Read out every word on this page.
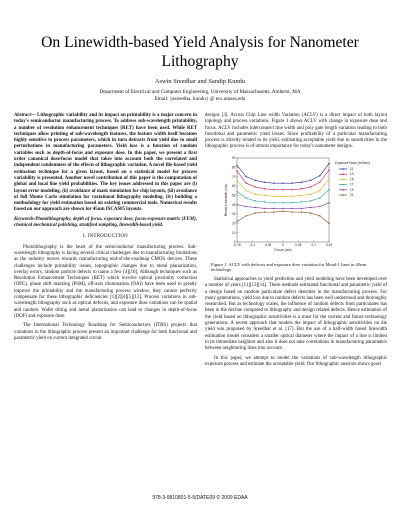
On Linewidth-based Yield Analysis for Nanometer
Lithography
Aswin Sreedhar and Sandip Kundu
Department of Electrical and Computer Engineering, University of Massachusetts, Amherst, MA
Email: {asreedha, kundu} @ ecs.umass.edu

Abstract— Lithographic variability and its impact on printability is a major concern in today's semiconductor manufacturing process. To address sub-wavelength printability, a number of resolution enhancement techniques (RET) have been used. While RET techniques allow printing of sub-wavelength features, the feature width itself becomes highly sensitive to process parameters, which in turn detracts from yield due to small perturbations in manufacturing parameters. Yield loss is a function of random variables such as depth-of-focus and exposure dose. In this paper, we present a first order canonical dose/focus model that takes into account both the correlated and independent randomness of the effects of lithographic variation. A novel file-based yield estimation technique for a given layout, based on a statistical model for process variability is presented. Another novel contribution of this paper is the computation of global and local line yield probabilities. The key issues addressed in this paper are (i) layout error modeling, (ii) avoidance of mask simulation for chip layouts, (iii) avoidance of full Monte Carlo simulation for variational lithography modeling, (iv) building a methodology for yield estimation based on existing commercial tools. Numerical results based on our approach are shown for 45nm ISCAS85 layouts.

Keywords-Photolithography, depth of focus, exposure dose, focus-exposure matrix (FEM), chemical mechanical polishing, stratified sampling, linewidth-based yield.

I. INTRODUCTION

Photolithography is the heart of the semiconductor manufacturing process. Sub-wavelength lithography is facing several critical challenges due to manufacturing limitations as the industry moves towards manufacturing end-of-the-roadmap CMOS devices. These challenges include printability issues, topographic changes due to metal planarization, overlay errors, random particle defects to name a few [4][10]. Although techniques such as Resolution Enhancement Techniques (RET) which involve optical proximity correction (OPC), phase shift masking (PSM), off-axis illumination (OAI) have been used to greatly improve the printability and the manufacturing process window, they cannot perfectly compensate for these lithographic deficiencies [1][2][4][5][12]. Process variations in sub-wavelength lithography such as optical defocus, and exposure dose variations can be spatial and random. Wafer tilting and metal planarization can lead to changes in depth-of-focus (DOF) and exposure dose.

The International Technology Roadmap for Semiconductors (ITRS) projects that variations in the lithographic process present an important challenge for both functional and parametric yield on current integrated circuit

designs [3]. Across Chip Line width Variation (ACLV) is a direct impact of both layout topology and process variations. Figure 1 shows ACLV with change in exposure dose and focus. ACLV includes interconnect line width and poly gate length variation leading to both functional and parametric yield losses. Since profitability of a particular manufacturing process is directly related to its yield, estimating acceptable yield due to sensitivities in the lithographic process is of utmost importance for today's nanometer designs.

0
10
20
30
40
50
60
70
80
90
-0.15	-0.1	-0.05	0	0.05	0.1	0.15
Focus (um)
Resist Linewidth (nm)
Exposure Dose (mJ/cm²)
11
13
15
17
19
21

Figure 1. ACLV with defocus and exposure dose variation for Metal-1 lines in 45nm technology

Statistical approaches to yield prediction and yield modeling have been developed over a number of years [11][13][14]. These methods estimated functional and parametric yield of a design based on random particulate defect densities in the manufacturing process. For many generations, yield loss due to random defects has been well understood and thoroughly researched. But as technology scales, the influence of random defects from particulates has been in the decline compared to lithography and design related defects. Hence estimation of the yield based on lithographic sensitivities is a must for the current and future technology generations. A recent approach that models the impact of lithographic sensitivities on die yield was proposed by Sreedhar et al. [17]. But the use of a half-width based linewidth estimation model considers a smaller optical diameter where the impact of a line is limited to its immediate neighbor and also it does not take correlations in manufacturing parameters between neighboring lines into account.

In this paper, we attempt to model the variations of sub-wavelength lithographic exposure process and estimate the acceptable yield. Our lithographic analysis shows good

978-3-9810801-5-5/DATE09 © 2009 EDAA
